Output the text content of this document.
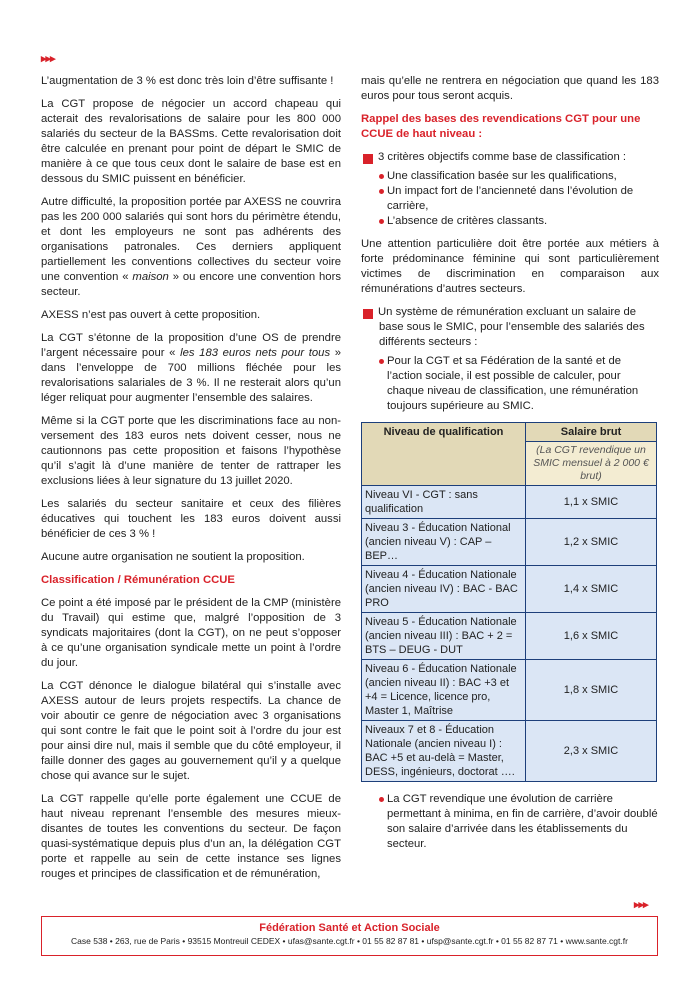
▸▸▸

L’augmentation de 3 % est donc très loin d’être suffisante !

La CGT propose de négocier un accord chapeau qui acterait des revalorisations de salaire pour les 800 000 salariés du secteur de la BASSms. Cette revalorisation doit être calculée en prenant pour point de départ le SMIC de manière à ce que tous ceux dont le salaire de base est en dessous du SMIC puissent en bénéficier.

Autre difficulté, la proposition portée par AXESS ne couvrira pas les 200 000 salariés qui sont hors du périmètre étendu, et dont les employeurs ne sont pas adhérents des organisations patronales. Ces derniers appliquent partiellement les conventions collectives du secteur voire une convention « maison » ou encore une convention hors secteur.

AXESS n’est pas ouvert à cette proposition.

La CGT s’étonne de la proposition d’une OS de prendre l’argent nécessaire pour « les 183 euros nets pour tous » dans l’enveloppe de 700 millions fléchée pour les revalorisations salariales de 3 %. Il ne resterait alors qu’un léger reliquat pour augmenter l’ensemble des salaires.

Même si la CGT porte que les discriminations face au non-versement des 183 euros nets doivent cesser, nous ne cautionnons pas cette proposition et faisons l’hypothèse qu’il s’agit là d’une manière de tenter de rattraper les exclusions liées à leur signature du 13 juillet 2020.

Les salariés du secteur sanitaire et ceux des filières éducatives qui touchent les 183 euros doivent aussi bénéficier de ces 3 % !

Aucune autre organisation ne soutient la proposition.

Classification / Rémunération CCUE

Ce point a été imposé par le président de la CMP (ministère du Travail) qui estime que, malgré l’opposition de 3 syndicats majoritaires (dont la CGT), on ne peut s’opposer à ce qu’une organisation syndicale mette un point à l’ordre du jour.

La CGT dénonce le dialogue bilatéral qui s’installe avec AXESS autour de leurs projets respectifs. La chance de voir aboutir ce genre de négociation avec 3 organisations qui sont contre le fait que le point soit à l’ordre du jour est pour ainsi dire nul, mais il semble que du côté employeur, il faille donner des gages au gouvernement qu’il y a quelque chose qui avance sur le sujet.

La CGT rappelle qu’elle porte également une CCUE de haut niveau reprenant l’ensemble des mesures mieux-disantes de toutes les conventions du secteur. De façon quasi-systématique depuis plus d’un an, la délégation CGT porte et rappelle au sein de cette instance ses lignes rouges et principes de classification et de rémunération,

mais qu’elle ne rentrera en négociation que quand les 183 euros pour tous seront acquis.

Rappel des bases des revendications CGT pour une CCUE de haut niveau :

▸ 3 critères objectifs comme base de classification :
Une classification basée sur les qualifications,
Un impact fort de l’ancienneté dans l’évolution de carrière,
L’absence de critères classants.

Une attention particulière doit être portée aux métiers à forte prédominance féminine qui sont particulièrement victimes de discrimination en comparaison aux rémunérations d’autres secteurs.

▸ Un système de rémunération excluant un salaire de base sous le SMIC, pour l’ensemble des salariés des différents secteurs :
Pour la CGT et sa Fédération de la santé et de l’action sociale, il est possible de calculer, pour chaque niveau de classification, une rémunération toujours supérieure au SMIC.
Niveau de qualification	Salaire brut
	(La CGT revendique un SMIC mensuel à 2 000 € brut)
Niveau VI - CGT : sans qualification	1,1 x SMIC
Niveau 3 - Éducation National (ancien niveau V) : CAP –BEP…	1,2 x SMIC
Niveau 4 - Éducation Nationale (ancien niveau IV) : BAC - BAC PRO	1,4 x SMIC
Niveau 5 - Éducation Nationale (ancien niveau III) : BAC + 2 = BTS – DEUG - DUT	1,6 x SMIC
Niveau 6 - Éducation Nationale (ancien niveau II) : BAC +3 et +4 = Licence, licence pro, Master 1, Maîtrise	1,8 x SMIC
Niveaux 7 et 8 - Éducation Nationale (ancien niveau I) : BAC +5 et au-delà = Master, DESS, ingénieurs, doctorat ….	2,3 x SMIC
La CGT revendique une évolution de carrière permettant à minima, en fin de carrière, d’avoir doublé son salaire d’arrivée dans les établissements du secteur.
▸▸▸
Fédération Santé et Action Sociale
Case 538 • 263, rue de Paris • 93515 Montreuil CEDEX • ufas@sante.cgt.fr • 01 55 82 87 81 • ufsp@sante.cgt.fr • 01 55 82 87 71 • www.sante.cgt.fr
